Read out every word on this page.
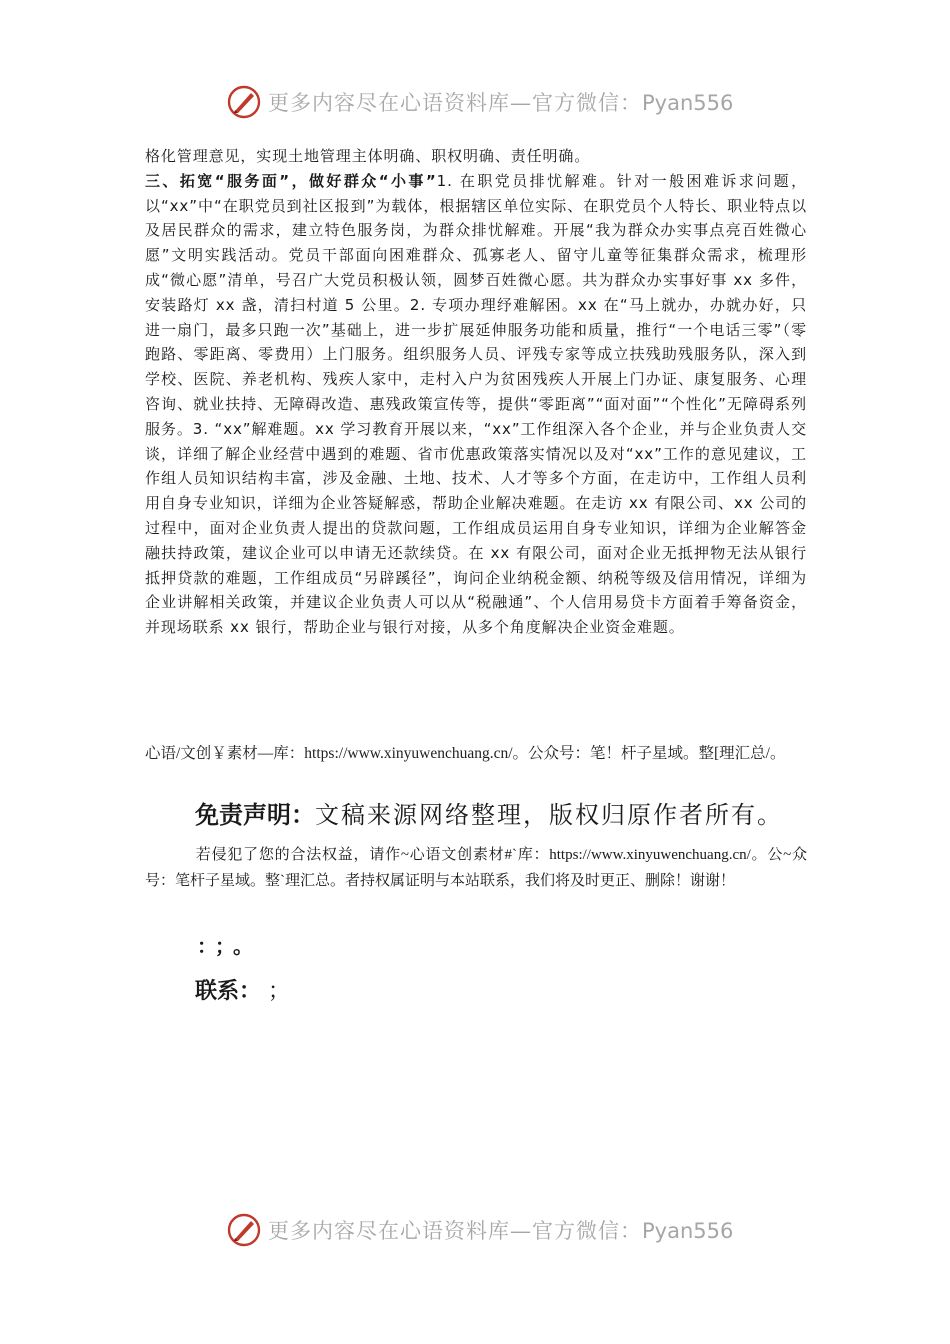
更多内容尽在心语资料库—官方微信：Pyan556

格化管理意见，实现土地管理主体明确、职权明确、责任明确。

三、拓宽“服务面”，做好群众“小事”1. 在职党员排忧解难。针对一般困难诉求问题，以“xx”中“在职党员到社区报到”为载体，根据辖区单位实际、在职党员个人特长、职业特点以及居民群众的需求，建立特色服务岗，为群众排忧解难。开展“我为群众办实事点亮百姓微心愿”文明实践活动。党员干部面向困难群众、孤寡老人、留守儿童等征集群众需求，梳理形成“微心愿”清单，号召广大党员积极认领，圆梦百姓微心愿。共为群众办实事好事 xx 多件，安装路灯 xx 盏，清扫村道 5 公里。2. 专项办理纾难解困。xx 在“马上就办，办就办好，只进一扇门，最多只跑一次”基础上，进一步扩展延伸服务功能和质量，推行“一个电话三零”（零跑路、零距离、零费用）上门服务。组织服务人员、评残专家等成立扶残助残服务队，深入到学校、医院、养老机构、残疾人家中，走村入户为贫困残疾人开展上门办证、康复服务、心理咨询、就业扶持、无障碍改造、惠残政策宣传等，提供“零距离”“面对面”“个性化”无障碍系列服务。3. “xx”解难题。xx 学习教育开展以来，“xx”工作组深入各个企业，并与企业负责人交谈，详细了解企业经营中遇到的难题、省市优惠政策落实情况以及对“xx”工作的意见建议，工作组人员知识结构丰富，涉及金融、土地、技术、人才等多个方面，在走访中，工作组人员利用自身专业知识，详细为企业答疑解惑，帮助企业解决难题。在走访 xx 有限公司、xx 公司的过程中，面对企业负责人提出的贷款问题，工作组成员运用自身专业知识，详细为企业解答金融扶持政策，建议企业可以申请无还款续贷。在 xx 有限公司，面对企业无抵押物无法从银行抵押贷款的难题，工作组成员“另辟蹊径”，询问企业纳税金额、纳税等级及信用情况，详细为企业讲解相关政策，并建议企业负责人可以从“税融通”、个人信用易贷卡方面着手筹备资金，并现场联系 xx 银行，帮助企业与银行对接，从多个角度解决企业资金难题。

心语/文创￥素材—库：https://www.xinyuwenchuang.cn/。公众号：笔！杆子星域。整[理汇总/。
免责声明：文稿来源网络整理，版权归原作者所有。
若侵犯了您的合法权益，请作~心语文创素材#`库：https://www.xinyuwenchuang.cn/。公~众号：笔杆子星域。整`理汇总。者持权属证明与本站联系，我们将及时更正、删除！谢谢！
：；。
联系： ；
更多内容尽在心语资料库—官方微信：Pyan556
